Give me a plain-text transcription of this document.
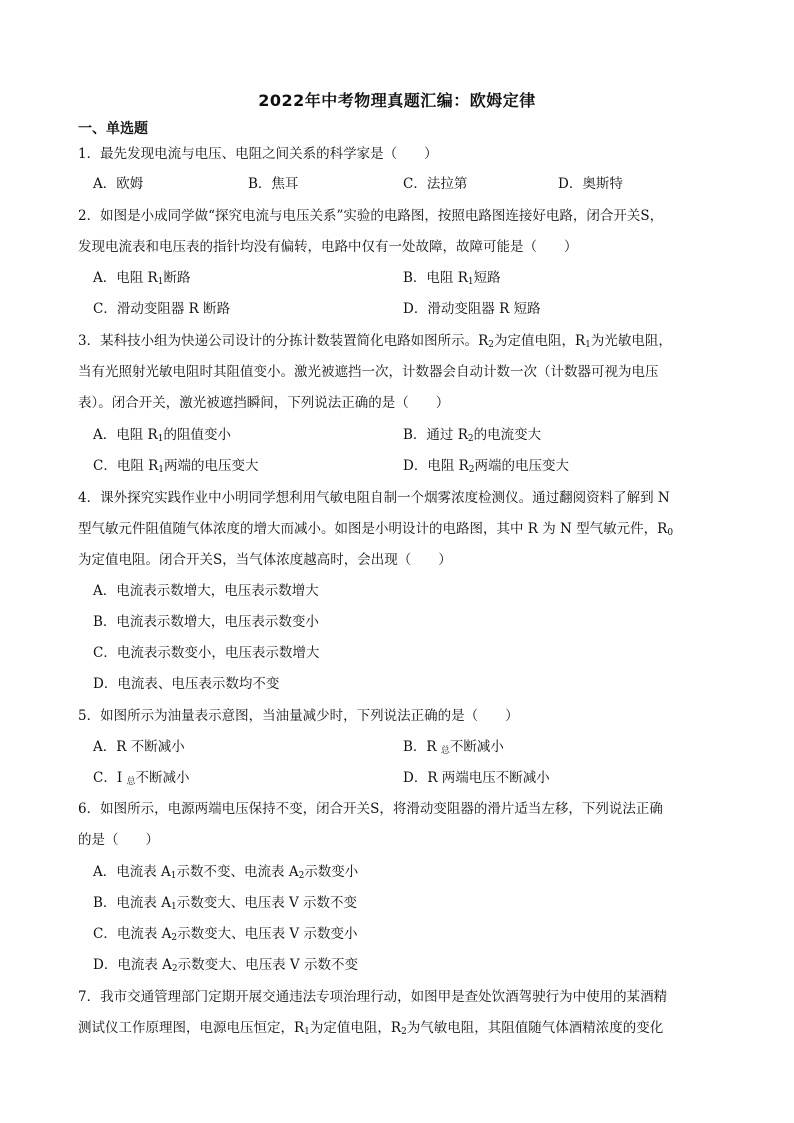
2022年中考物理真题汇编：欧姆定律
一、单选题
1．最先发现电流与电压、电阻之间关系的科学家是（　　）
A．欧姆	B．焦耳	C．法拉第	D．奥斯特
2．如图是小成同学做“探究电流与电压关系”实验的电路图，按照电路图连接好电路，闭合开关S，
发现电流表和电压表的指针均没有偏转，电路中仅有一处故障，故障可能是（　　）
A．电阻 $R_1$断路	B．电阻 $R_1$短路
C．滑动变阻器 R 断路	D．滑动变阻器 R 短路
3．某科技小组为快递公司设计的分拣计数装置简化电路如图所示。$R_2$为定值电阻，$R_1$为光敏电阻，
当有光照射光敏电阻时其阻值变小。激光被遮挡一次，计数器会自动计数一次（计数器可视为电压
表）。闭合开关，激光被遮挡瞬间，下列说法正确的是（　　）
A．电阻 $R_1$的阻值变小	B．通过 $R_2$的电流变大
C．电阻 $R_1$两端的电压变大	D．电阻 $R_2$两端的电压变大
4．课外探究实践作业中小明同学想利用气敏电阻自制一个烟雾浓度检测仪。通过翻阅资料了解到 N
型气敏元件阻值随气体浓度的增大而减小。如图是小明设计的电路图，其中 R 为 N 型气敏元件，$R_0$
为定值电阻。闭合开关S，当气体浓度越高时，会出现（　　）
A．电流表示数增大，电压表示数增大
B．电流表示数增大，电压表示数变小
C．电流表示数变小，电压表示数增大
D．电流表、电压表示数均不变
5．如图所示为油量表示意图，当油量减少时，下列说法正确的是（　　）
A．R 不断减小	B．R $_总$不断减小
C．I $_总$不断减小	D．R 两端电压不断减小
6．如图所示，电源两端电压保持不变，闭合开关S，将滑动变阻器的滑片适当左移，下列说法正确
的是（　　）
A．电流表 $A_1$示数不变、电流表 $A_2$示数变小
B．电流表 $A_1$示数变大、电压表 V 示数不变
C．电流表 $A_2$示数变大、电压表 V 示数变小
D．电流表 $A_2$示数变大、电压表 V 示数不变
7．我市交通管理部门定期开展交通违法专项治理行动，如图甲是查处饮酒驾驶行为中使用的某酒精
测试仪工作原理图，电源电压恒定，$R_1$为定值电阻，$R_2$为气敏电阻，其阻值随气体酒精浓度的变化
